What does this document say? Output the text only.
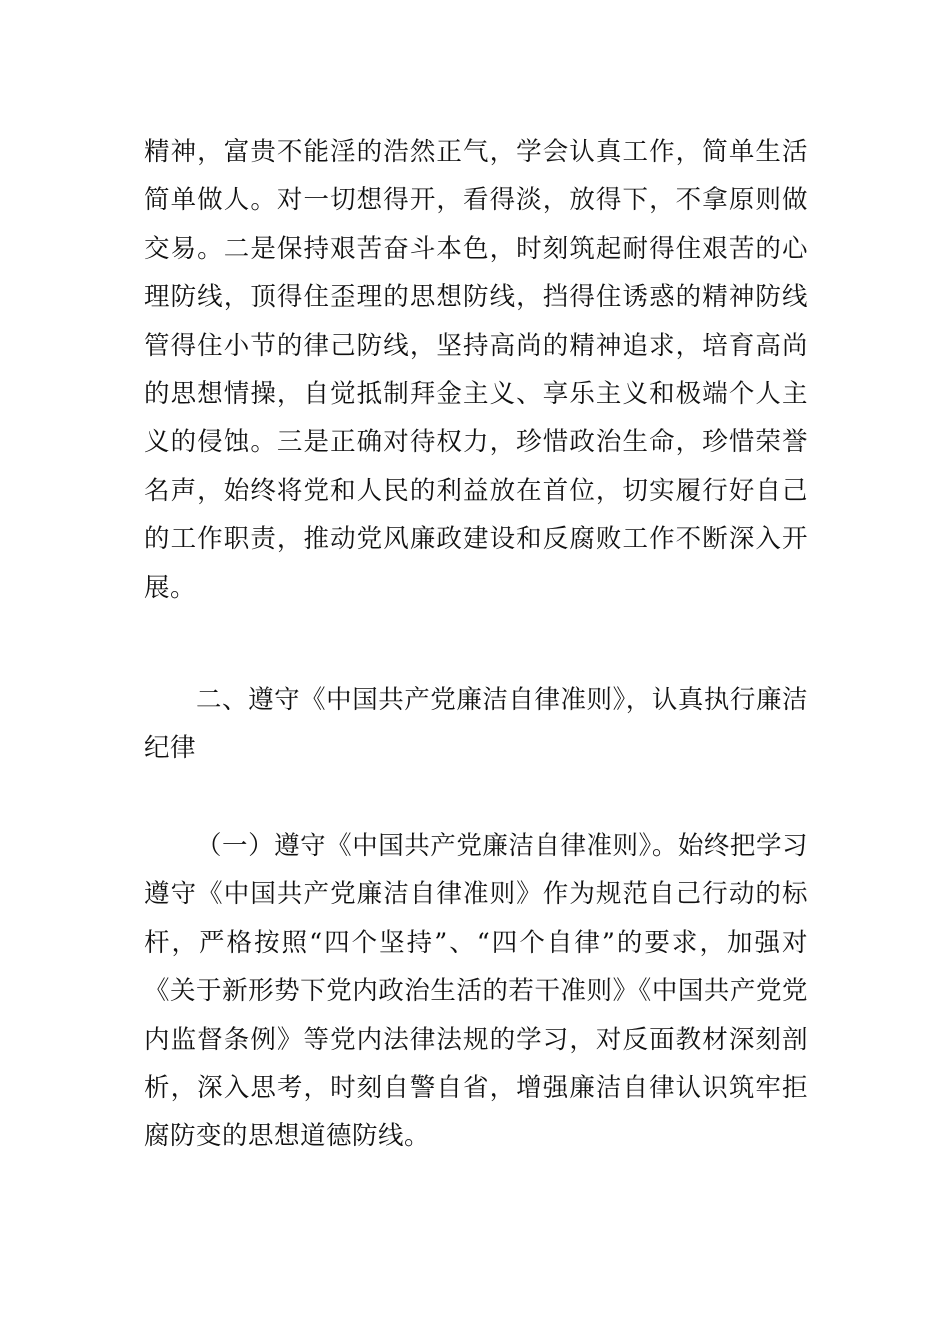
精神，富贵不能淫的浩然正气，学会认真工作，简单生活简单做人。对一切想得开，看得淡，放得下，不拿原则做交易。二是保持艰苦奋斗本色，时刻筑起耐得住艰苦的心理防线，顶得住歪理的思想防线，挡得住诱惑的精神防线管得住小节的律己防线，坚持高尚的精神追求，培育高尚的思想情操，自觉抵制拜金主义、享乐主义和极端个人主义的侵蚀。三是正确对待权力，珍惜政治生命，珍惜荣誉名声，始终将党和人民的利益放在首位，切实履行好自己的工作职责，推动党风廉政建设和反腐败工作不断深入开展。

二、遵守《中国共产党廉洁自律准则》，认真执行廉洁纪律

（一）遵守《中国共产党廉洁自律准则》。始终把学习遵守《中国共产党廉洁自律准则》作为规范自己行动的标杆，严格按照“四个坚持”、“四个自律”的要求，加强对《关于新形势下党内政治生活的若干准则》《中国共产党党内监督条例》等党内法律法规的学习，对反面教材深刻剖析，深入思考，时刻自警自省，增强廉洁自律认识筑牢拒腐防变的思想道德防线。
